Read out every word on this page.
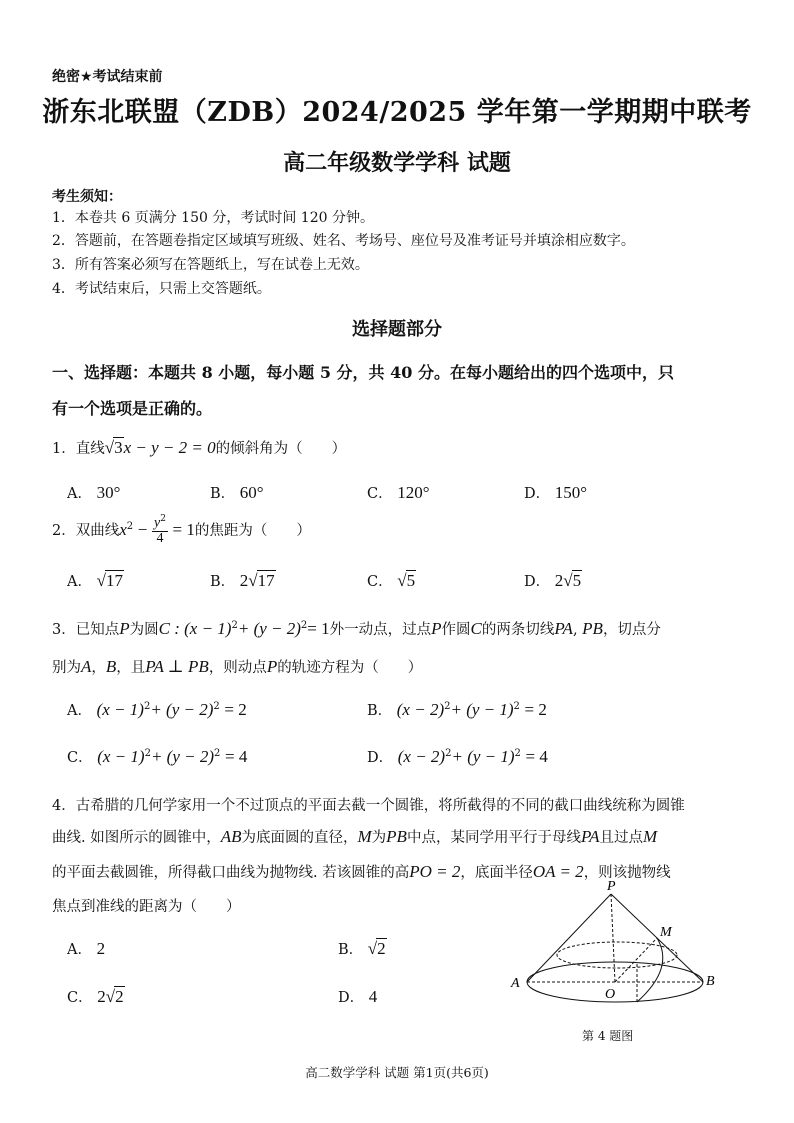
绝密★考试结束前
浙东北联盟（ZDB）2024/2025 学年第一学期期中联考
高二年级数学学科 试题
考生须知：
1．本卷共 6 页满分 150 分，考试时间 120 分钟。
2．答题前，在答题卷指定区域填写班级、姓名、考场号、座位号及准考证号并填涂相应数字。
3．所有答案必须写在答题纸上，写在试卷上无效。
4．考试结束后，只需上交答题纸。
选择题部分
一、选择题：本题共 8 小题，每小题 5 分，共 40 分。在每小题给出的四个选项中，只
有一个选项是正确的。
1．直线√3x − y − 2 = 0的倾斜角为（　　）
A． 30°	B． 60°	C． 120°	D． 150°
2．双曲线$x^2 - \frac{y^2}{4} = 1$的焦距为（　　）
A． √17	B． 2√17	C． √5	D． 2√5
3．已知点P为圆C : $(x - 1)^2+ (y - 2)^2= 1$外一动点，过点P作圆C的两条切线PA, PB，切点分
别为A，B，且PA ⊥ PB，则动点P的轨迹方程为（　　）
A． $(x - 1)^2+ (y - 2)^2 = 2$	B． $(x - 2)^2+ (y - 1)^2 = 2$
C． $(x - 1)^2+ (y - 2)^2 = 4$	D． $(x - 2)^2+ (y - 1)^2 = 4$
4．古希腊的几何学家用一个不过顶点的平面去截一个圆锥，将所截得的不同的截口曲线统称为圆锥
曲线. 如图所示的圆锥中，AB为底面圆的直径，M为PB中点，某同学用平行于母线PA且过点M
的平面去截圆锥，所得截口曲线为抛物线. 若该圆锥的高PO = 2，底面半径OA = 2，则该抛物线
焦点到准线的距离为（　　）
A． 2	B． √2
C． 2√2	D． 4
P
M
A	B
O
第 4 题图
高二数学学科 试题 第1页(共6页)
